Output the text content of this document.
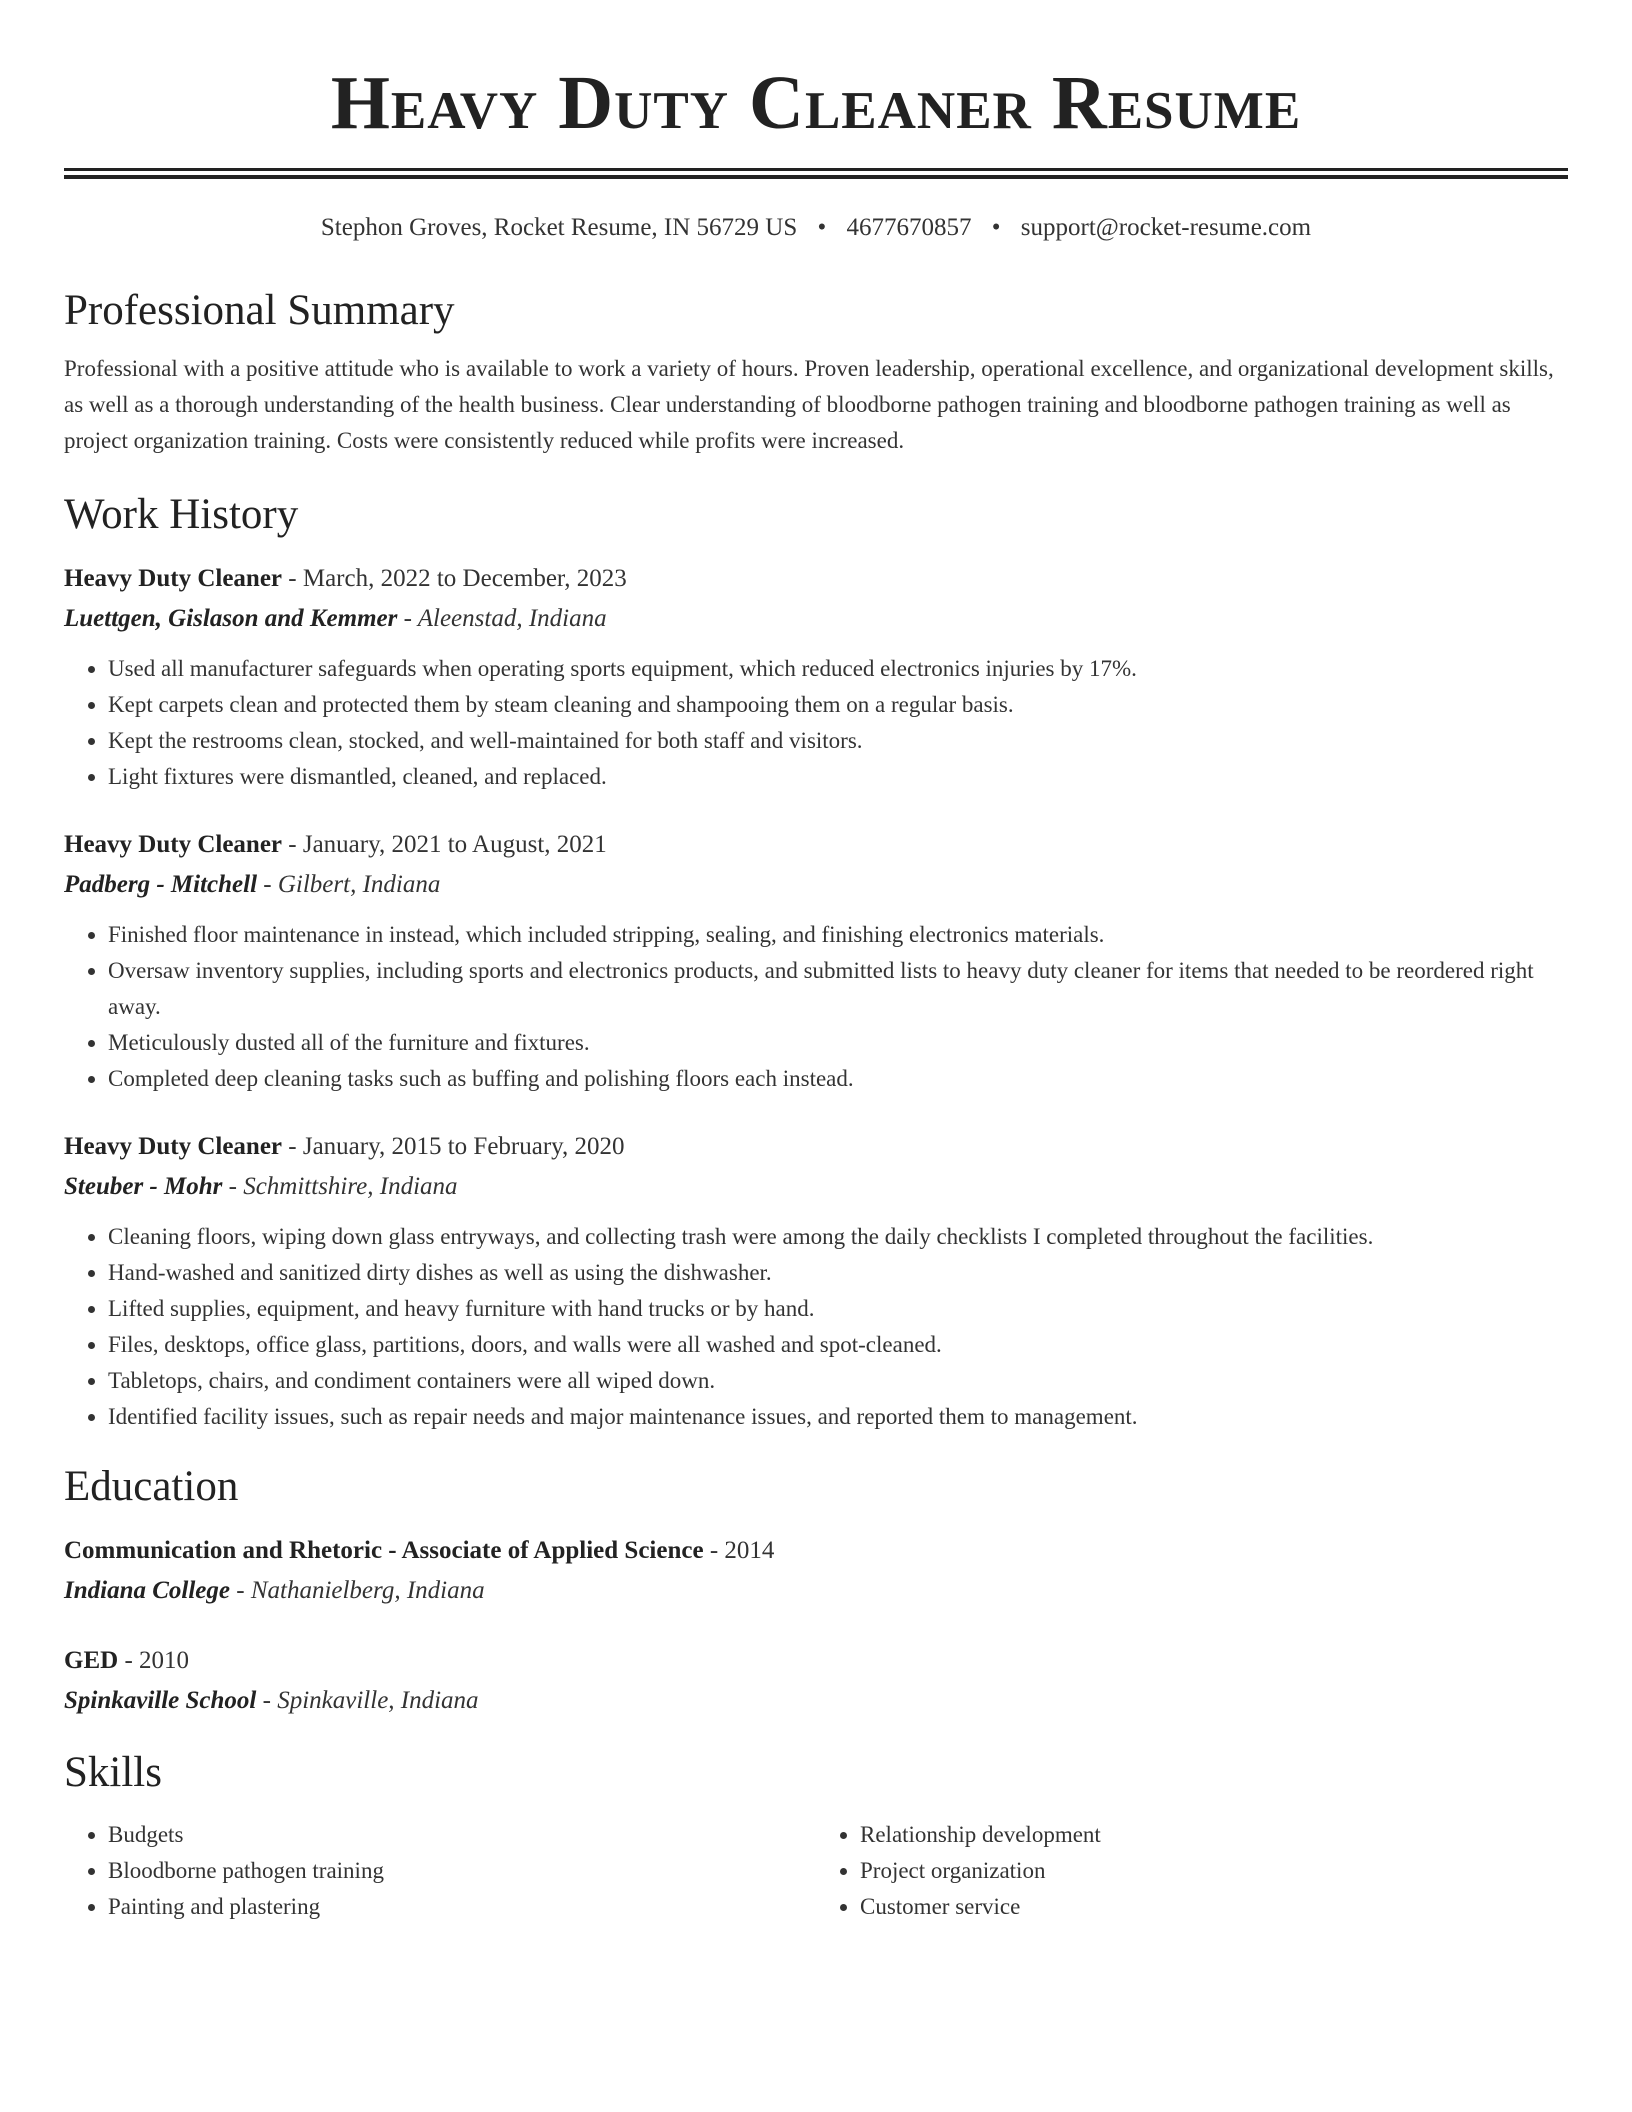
Heavy Duty Cleaner Resume
Stephon Groves, Rocket Resume, IN 56729 US • 4677670857 • support@rocket-resume.com
Professional Summary

Professional with a positive attitude who is available to work a variety of hours. Proven leadership, operational excellence, and organizational development skills, as well as a thorough understanding of the health business. Clear understanding of bloodborne pathogen training and bloodborne pathogen training as well as project organization training. Costs were consistently reduced while profits were increased.

Work History
Heavy Duty Cleaner - March, 2022 to December, 2023
Luettgen, Gislason and Kemmer - Aleenstad, Indiana
• Used all manufacturer safeguards when operating sports equipment, which reduced electronics injuries by 17%.
• Kept carpets clean and protected them by steam cleaning and shampooing them on a regular basis.
• Kept the restrooms clean, stocked, and well-maintained for both staff and visitors.
• Light fixtures were dismantled, cleaned, and replaced.
Heavy Duty Cleaner - January, 2021 to August, 2021
Padberg - Mitchell - Gilbert, Indiana
• Finished floor maintenance in instead, which included stripping, sealing, and finishing electronics materials.
• Oversaw inventory supplies, including sports and electronics products, and submitted lists to heavy duty cleaner for items that needed to be reordered right away.
• Meticulously dusted all of the furniture and fixtures.
• Completed deep cleaning tasks such as buffing and polishing floors each instead.
Heavy Duty Cleaner - January, 2015 to February, 2020
Steuber - Mohr - Schmittshire, Indiana
• Cleaning floors, wiping down glass entryways, and collecting trash were among the daily checklists I completed throughout the facilities.
• Hand-washed and sanitized dirty dishes as well as using the dishwasher.
• Lifted supplies, equipment, and heavy furniture with hand trucks or by hand.
• Files, desktops, office glass, partitions, doors, and walls were all washed and spot-cleaned.
• Tabletops, chairs, and condiment containers were all wiped down.
• Identified facility issues, such as repair needs and major maintenance issues, and reported them to management.
Education
Communication and Rhetoric - Associate of Applied Science - 2014
Indiana College - Nathanielberg, Indiana
GED - 2010
Spinkaville School - Spinkaville, Indiana
Skills
• Budgets
• Bloodborne pathogen training
• Painting and plastering
• Relationship development
• Project organization
• Customer service
